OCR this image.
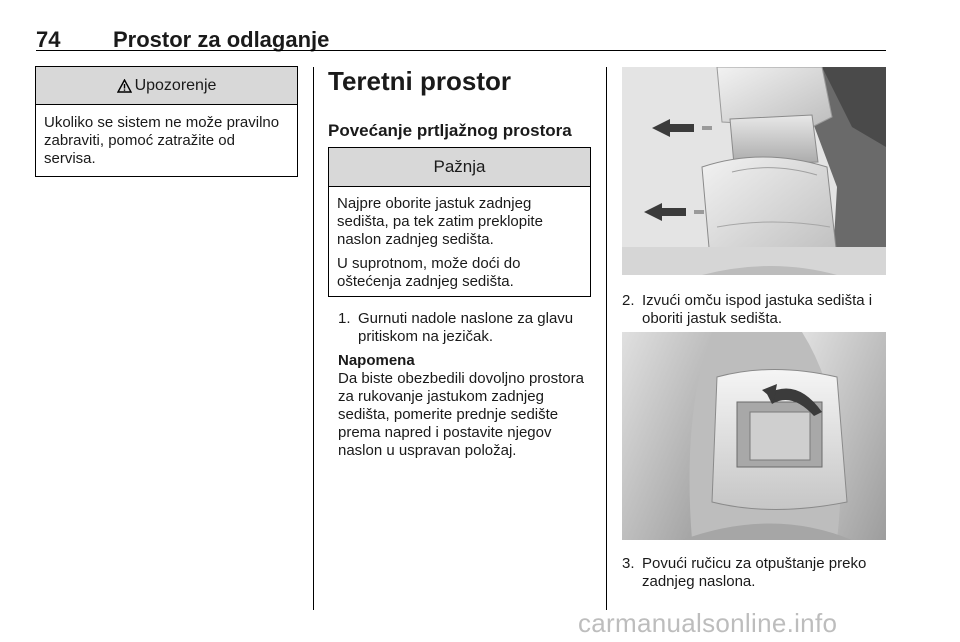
74 Prostor za odlaganje
Upozorenje

Ukoliko se sistem ne može pravilno zabraviti, pomoć zatražite od servisa.

Teretni prostor
Povećanje prtljažnog prostora
Pažnja

Najpre oborite jastuk zadnjeg sedišta, pa tek zatim preklopite naslon zadnjeg sedišta.

U suprotnom, može doći do oštećenja zadnjeg sedišta.

1. Gurnuti nadole naslone za glavu pritiskom na jezičak.
Napomena
Da biste obezbedili dovoljno prostora za rukovanje jastukom zadnjeg sedišta, pomerite prednje sedište prema napred i postavite njegov naslon u uspravan položaj.
2. Izvući omču ispod jastuka sedišta i oboriti jastuk sedišta.
3. Povući ručicu za otpuštanje preko zadnjeg naslona.
carmanualsonline.info
